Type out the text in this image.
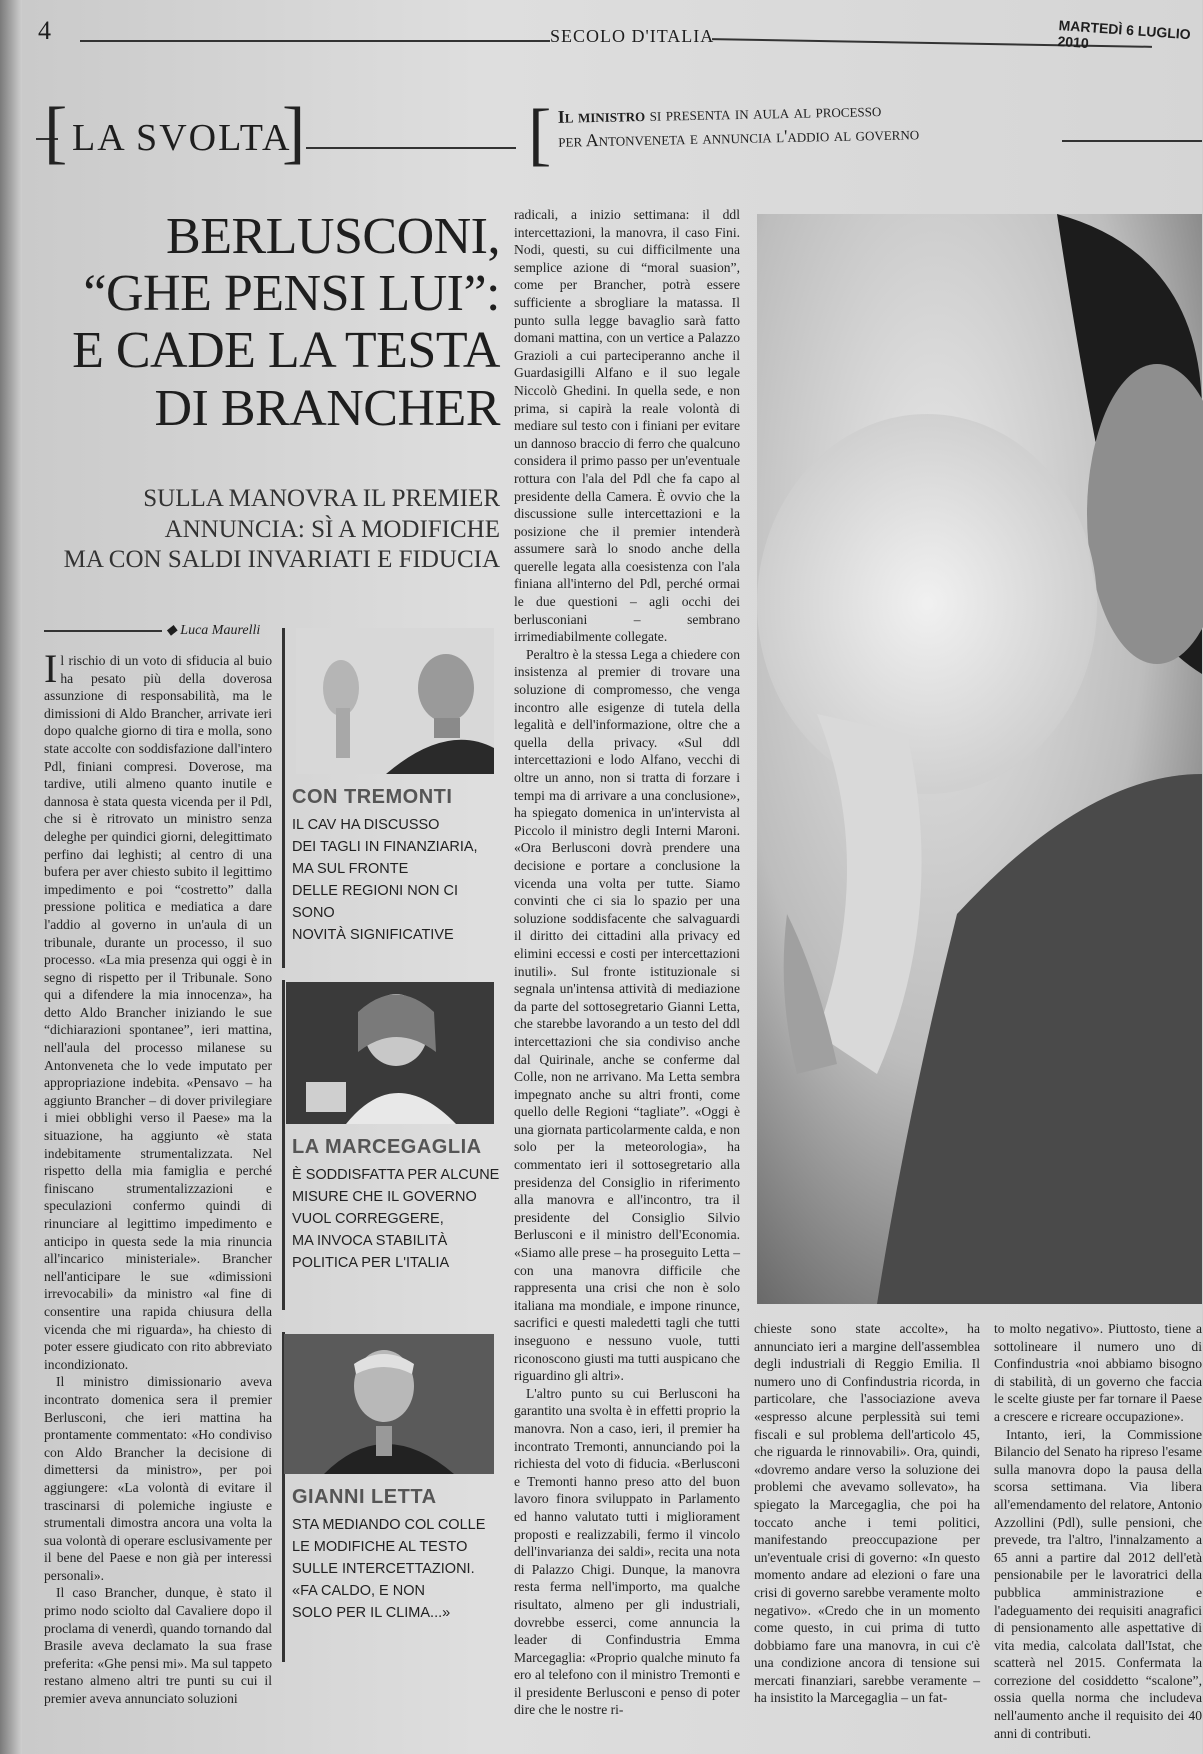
4	SECOLO D'ITALIA	MARTEDÌ 6 LUGLIO 2010
[ LA SVOLTA
]	[ Il ministro si presenta in aula al processo
per Antonveneta e annuncia l'addio al governo
BERLUSCONI,
“GHE PENSI LUI”:
E CADE LA TESTA
DI BRANCHER
SULLA MANOVRA IL PREMIER
ANNUNCIA: SÌ A MODIFICHE
MA CON SALDI INVARIATI E FIDUCIA
◆ Luca Maurelli

Il rischio di un voto di sfiducia al buio ha pesato più della doverosa assunzione di responsabilità, ma le dimissioni di Aldo Brancher, arrivate ieri dopo qualche giorno di tira e molla, sono state accolte con soddisfazione dall'intero Pdl, finiani compresi. Doverose, ma tardive, utili almeno quanto inutile e dannosa è stata questa vicenda per il Pdl, che si è ritrovato un ministro senza deleghe per quindici giorni, delegittimato perfino dai leghisti; al centro di una bufera per aver chiesto subito il legittimo impedimento e poi “costretto” dalla pressione politica e mediatica a dare l'addio al governo in un'aula di un tribunale, durante un processo, il suo processo. «La mia presenza qui oggi è in segno di rispetto per il Tribunale. Sono qui a difendere la mia innocenza», ha detto Aldo Brancher iniziando le sue “dichiarazioni spontanee”, ieri mattina, nell'aula del processo milanese su Antonveneta che lo vede imputato per appropriazione indebita. «Pensavo – ha aggiunto Brancher – di dover privilegiare i miei obblighi verso il Paese» ma la situazione, ha aggiunto «è stata indebitamente strumentalizzata. Nel rispetto della mia famiglia e perché finiscano strumentalizzazioni e speculazioni confermo quindi di rinunciare al legittimo impedimento e anticipo in questa sede la mia rinuncia all'incarico ministeriale». Brancher nell'anticipare le sue «dimissioni irrevocabili» da ministro «al fine di consentire una rapida chiusura della vicenda che mi riguarda», ha chiesto di poter essere giudicato con rito abbreviato incondizionato.

Il ministro dimissionario aveva incontrato domenica sera il premier Berlusconi, che ieri mattina ha prontamente commentato: «Ho condiviso con Aldo Brancher la decisione di dimettersi da ministro», per poi aggiungere: «La volontà di evitare il trascinarsi di polemiche ingiuste e strumentali dimostra ancora una volta la sua volontà di operare esclusivamente per il bene del Paese e non già per interessi personali».

Il caso Brancher, dunque, è stato il primo nodo sciolto dal Cavaliere dopo il proclama di venerdì, quando tornando dal Brasile aveva declamato la sua frase preferita: «Ghe pensi mi». Ma sul tappeto restano almeno altri tre punti su cui il premier aveva annunciato soluzioni

CON TREMONTI
IL CAV HA DISCUSSO
DEI TAGLI IN FINANZIARIA,
MA SUL FRONTE
DELLE REGIONI NON CI SONO
NOVITÀ SIGNIFICATIVE
LA MARCEGAGLIA
È SODDISFATTA PER ALCUNE
MISURE CHE IL GOVERNO
VUOL CORREGGERE,
MA INVOCA STABILITÀ
POLITICA PER L'ITALIA
GIANNI LETTA
STA MEDIANDO COL COLLE
LE MODIFICHE AL TESTO
SULLE INTERCETTAZIONI.
«FA CALDO, E NON
SOLO PER IL CLIMA...»

radicali, a inizio settimana: il ddl intercettazioni, la manovra, il caso Fini. Nodi, questi, su cui difficilmente una semplice azione di “moral suasion”, come per Brancher, potrà essere sufficiente a sbrogliare la matassa. Il punto sulla legge bavaglio sarà fatto domani mattina, con un vertice a Palazzo Grazioli a cui parteciperanno anche il Guardasigilli Alfano e il suo legale Niccolò Ghedini. In quella sede, e non prima, si capirà la reale volontà di mediare sul testo con i finiani per evitare un dannoso braccio di ferro che qualcuno considera il primo passo per un'eventuale rottura con l'ala del Pdl che fa capo al presidente della Camera. È ovvio che la discussione sulle intercettazioni e la posizione che il premier intenderà assumere sarà lo snodo anche della querelle legata alla coesistenza con l'ala finiana all'interno del Pdl, perché ormai le due questioni – agli occhi dei berlusconiani – sembrano irrimediabilmente collegate.

Peraltro è la stessa Lega a chiedere con insistenza al premier di trovare una soluzione di compromesso, che venga incontro alle esigenze di tutela della legalità e dell'informazione, oltre che a quella della privacy. «Sul ddl intercettazioni e lodo Alfano, vecchi di oltre un anno, non si tratta di forzare i tempi ma di arrivare a una conclusione», ha spiegato domenica in un'intervista al Piccolo il ministro degli Interni Maroni. «Ora Berlusconi dovrà prendere una decisione e portare a conclusione la vicenda una volta per tutte. Siamo convinti che ci sia lo spazio per una soluzione soddisfacente che salvaguardi il diritto dei cittadini alla privacy ed elimini eccessi e costi per intercettazioni inutili». Sul fronte istituzionale si segnala un'intensa attività di mediazione da parte del sottosegretario Gianni Letta, che starebbe lavorando a un testo del ddl intercettazioni che sia condiviso anche dal Quirinale, anche se conferme dal Colle, non ne arrivano. Ma Letta sembra impegnato anche su altri fronti, come quello delle Regioni “tagliate”. «Oggi è una giornata particolarmente calda, e non solo per la meteorologia», ha commentato ieri il sottosegretario alla presidenza del Consiglio in riferimento alla manovra e all'incontro, tra il presidente del Consiglio Silvio Berlusconi e il ministro dell'Economia. «Siamo alle prese – ha proseguito Letta – con una manovra difficile che rappresenta una crisi che non è solo italiana ma mondiale, e impone rinunce, sacrifici e questi maledetti tagli che tutti inseguono e nessuno vuole, tutti riconoscono giusti ma tutti auspicano che riguardino gli altri».

L'altro punto su cui Berlusconi ha garantito una svolta è in effetti proprio la manovra. Non a caso, ieri, il premier ha incontrato Tremonti, annunciando poi la richiesta del voto di fiducia. «Berlusconi e Tremonti hanno preso atto del buon lavoro finora sviluppato in Parlamento ed hanno valutato tutti i migliorament proposti e realizzabili, fermo il vincolo dell'invarianza dei saldi», recita una nota di Palazzo Chigi. Dunque, la manovra resta ferma nell'importo, ma qualche risultato, almeno per gli industriali, dovrebbe esserci, come annuncia la leader di Confindustria Emma Marcegaglia: «Proprio qualche minuto fa ero al telefono con il ministro Tremonti e il presidente Berlusconi e penso di poter dire che le nostre ri-

chieste sono state accolte», ha annunciato ieri a margine dell'assemblea degli industriali di Reggio Emilia. Il numero uno di Confindustria ricorda, in particolare, che l'associazione aveva «espresso alcune perplessità sui temi fiscali e sul problema dell'articolo 45, che riguarda le rinnovabili». Ora, quindi, «dovremo andare verso la soluzione dei problemi che avevamo sollevato», ha spiegato la Marcegaglia, che poi ha toccato anche i temi politici, manifestando preoccupazione per un'eventuale crisi di governo: «In questo momento andare ad elezioni o fare una crisi di governo sarebbe veramente molto negativo». «Credo che in un momento come questo, in cui prima di tutto dobbiamo fare una manovra, in cui c'è una condizione ancora di tensione sui mercati finanziari, sarebbe veramente – ha insistito la Marcegaglia – un fat-

to molto negativo». Piuttosto, tiene a sottolineare il numero uno di Confindustria «noi abbiamo bisogno di stabilità, di un governo che faccia le scelte giuste per far tornare il Paese a crescere e ricreare occupazione».

Intanto, ieri, la Commissione Bilancio del Senato ha ripreso l'esame sulla manovra dopo la pausa della scorsa settimana. Via libera all'emendamento del relatore, Antonio Azzollini (Pdl), sulle pensioni, che prevede, tra l'altro, l'innalzamento a 65 anni a partire dal 2012 dell'età pensionabile per le lavoratrici della pubblica amministrazione e l'adeguamento dei requisiti anagrafici di pensionamento alle aspettative di vita media, calcolata dall'Istat, che scatterà nel 2015. Confermata la correzione del cosiddetto “scalone”, ossia quella norma che includeva nell'aumento anche il requisito dei 40 anni di contributi.
